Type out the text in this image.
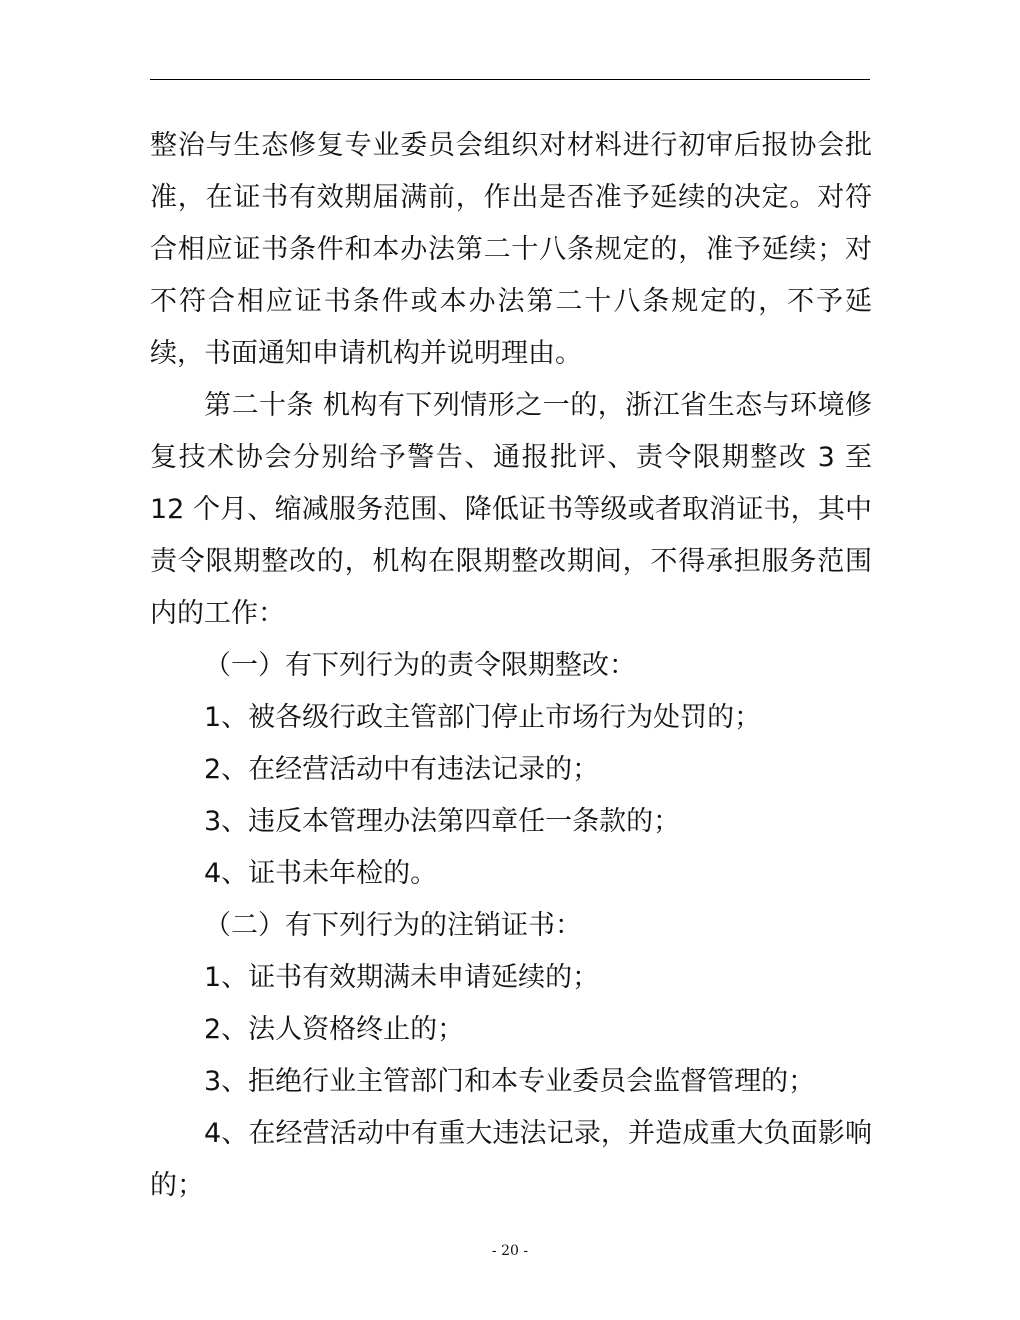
整治与生态修复专业委员会组织对材料进行初审后报协会批准，在证书有效期届满前，作出是否准予延续的决定。对符合相应证书条件和本办法第二十八条规定的，准予延续；对不符合相应证书条件或本办法第二十八条规定的，不予延续，书面通知申请机构并说明理由。

第二十条 机构有下列情形之一的，浙江省生态与环境修复技术协会分别给予警告、通报批评、责令限期整改 3 至 12 个月、缩减服务范围、降低证书等级或者取消证书，其中责令限期整改的，机构在限期整改期间，不得承担服务范围内的工作：

（一）有下列行为的责令限期整改：

1、被各级行政主管部门停止市场行为处罚的；

2、在经营活动中有违法记录的；

3、违反本管理办法第四章任一条款的；

4、证书未年检的。

（二）有下列行为的注销证书：

1、证书有效期满未申请延续的；

2、法人资格终止的；

3、拒绝行业主管部门和本专业委员会监督管理的；

4、在经营活动中有重大违法记录，并造成重大负面影响的；

- 20 -
